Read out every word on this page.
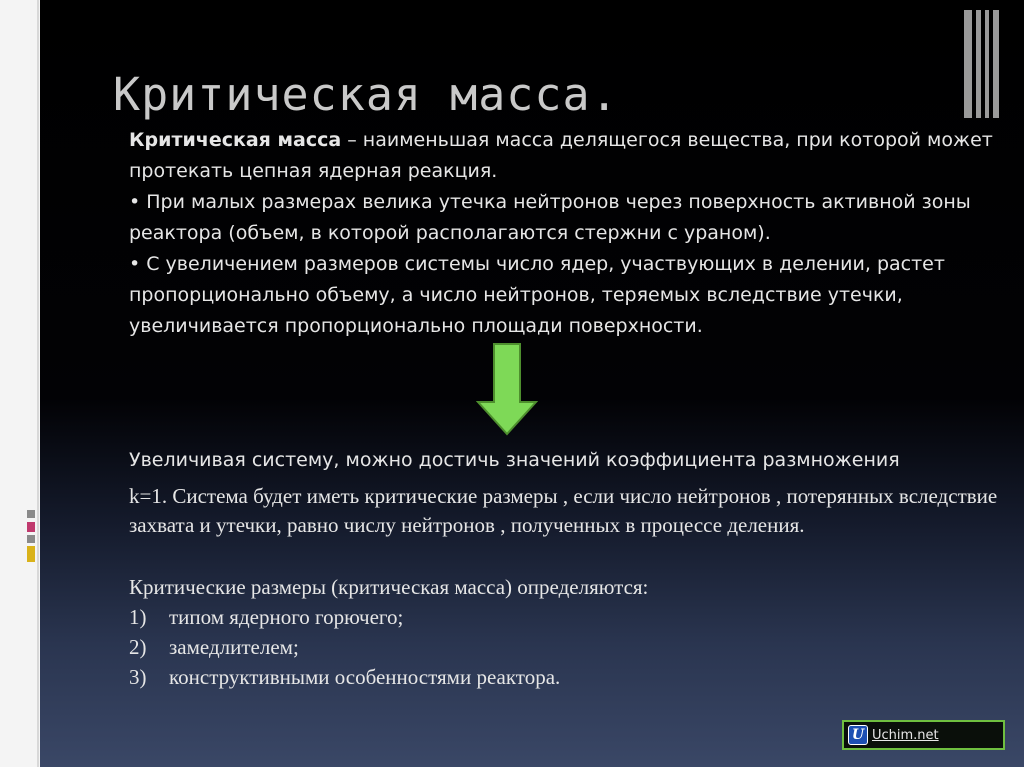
Критическая масса.
Критическая масса – наименьшая масса делящегося вещества, при которой может протекать цепная ядерная реакция.
• При малых размерах велика утечка нейтронов через поверхность активной зоны реактора (объем, в которой располагаются стержни с ураном).
• С увеличением размеров системы число ядер, участвующих в делении, растет пропорционально объему, а число нейтронов, теряемых вследствие утечки, увеличивается пропорционально площади поверхности.
Увеличивая систему, можно достичь значений коэффициента размножения
k=1. Система будет иметь критические размеры , если число нейтронов , потерянных вследствие захвата и утечки, равно числу нейтронов , полученных в процессе деления.
Критические размеры (критическая масса) определяются:
1) типом ядерного горючего;
2) замедлителем;
3) конструктивными особенностями реактора.
U Uchim.net
